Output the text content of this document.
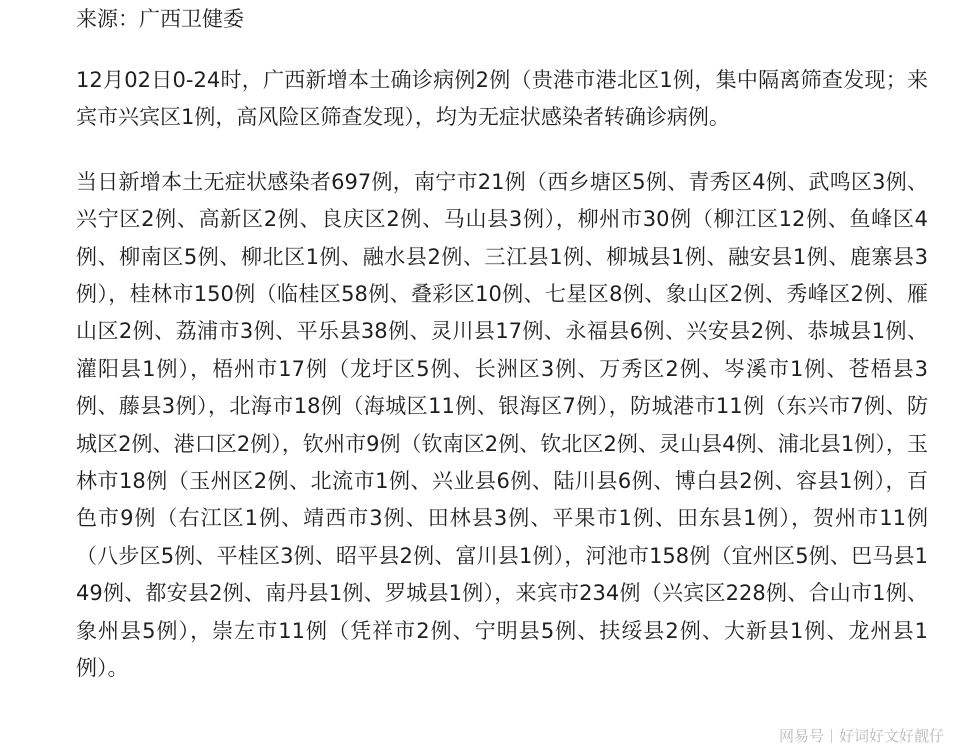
来源：广西卫健委

12月02日0-24时，广西新增本土确诊病例2例（贵港市港北区1例，集中隔离筛查发现；来宾市兴宾区1例，高风险区筛查发现），均为无症状感染者转确诊病例。

当日新增本土无症状感染者697例，南宁市21例（西乡塘区5例、青秀区4例、武鸣区3例、兴宁区2例、高新区2例、良庆区2例、马山县3例），柳州市30例（柳江区12例、鱼峰区4例、柳南区5例、柳北区1例、融水县2例、三江县1例、柳城县1例、融安县1例、鹿寨县3例），桂林市150例（临桂区58例、叠彩区10例、七星区8例、象山区2例、秀峰区2例、雁山区2例、荔浦市3例、平乐县38例、灵川县17例、永福县6例、兴安县2例、恭城县1例、灌阳县1例），梧州市17例（龙圩区5例、长洲区3例、万秀区2例、岑溪市1例、苍梧县3例、藤县3例），北海市18例（海城区11例、银海区7例），防城港市11例（东兴市7例、防城区2例、港口区2例），钦州市9例（钦南区2例、钦北区2例、灵山县4例、浦北县1例），玉林市18例（玉州区2例、北流市1例、兴业县6例、陆川县6例、博白县2例、容县1例），百色市9例（右江区1例、靖西市3例、田林县3例、平果市1例、田东县1例），贺州市11例（八步区5例、平桂区3例、昭平县2例、富川县1例），河池市158例（宜州区5例、巴马县149例、都安县2例、南丹县1例、罗城县1例），来宾市234例（兴宾区228例、合山市1例、象州县5例），崇左市11例（凭祥市2例、宁明县5例、扶绥县2例、大新县1例、龙州县1例）。

网易号 好词好文好靓仔
